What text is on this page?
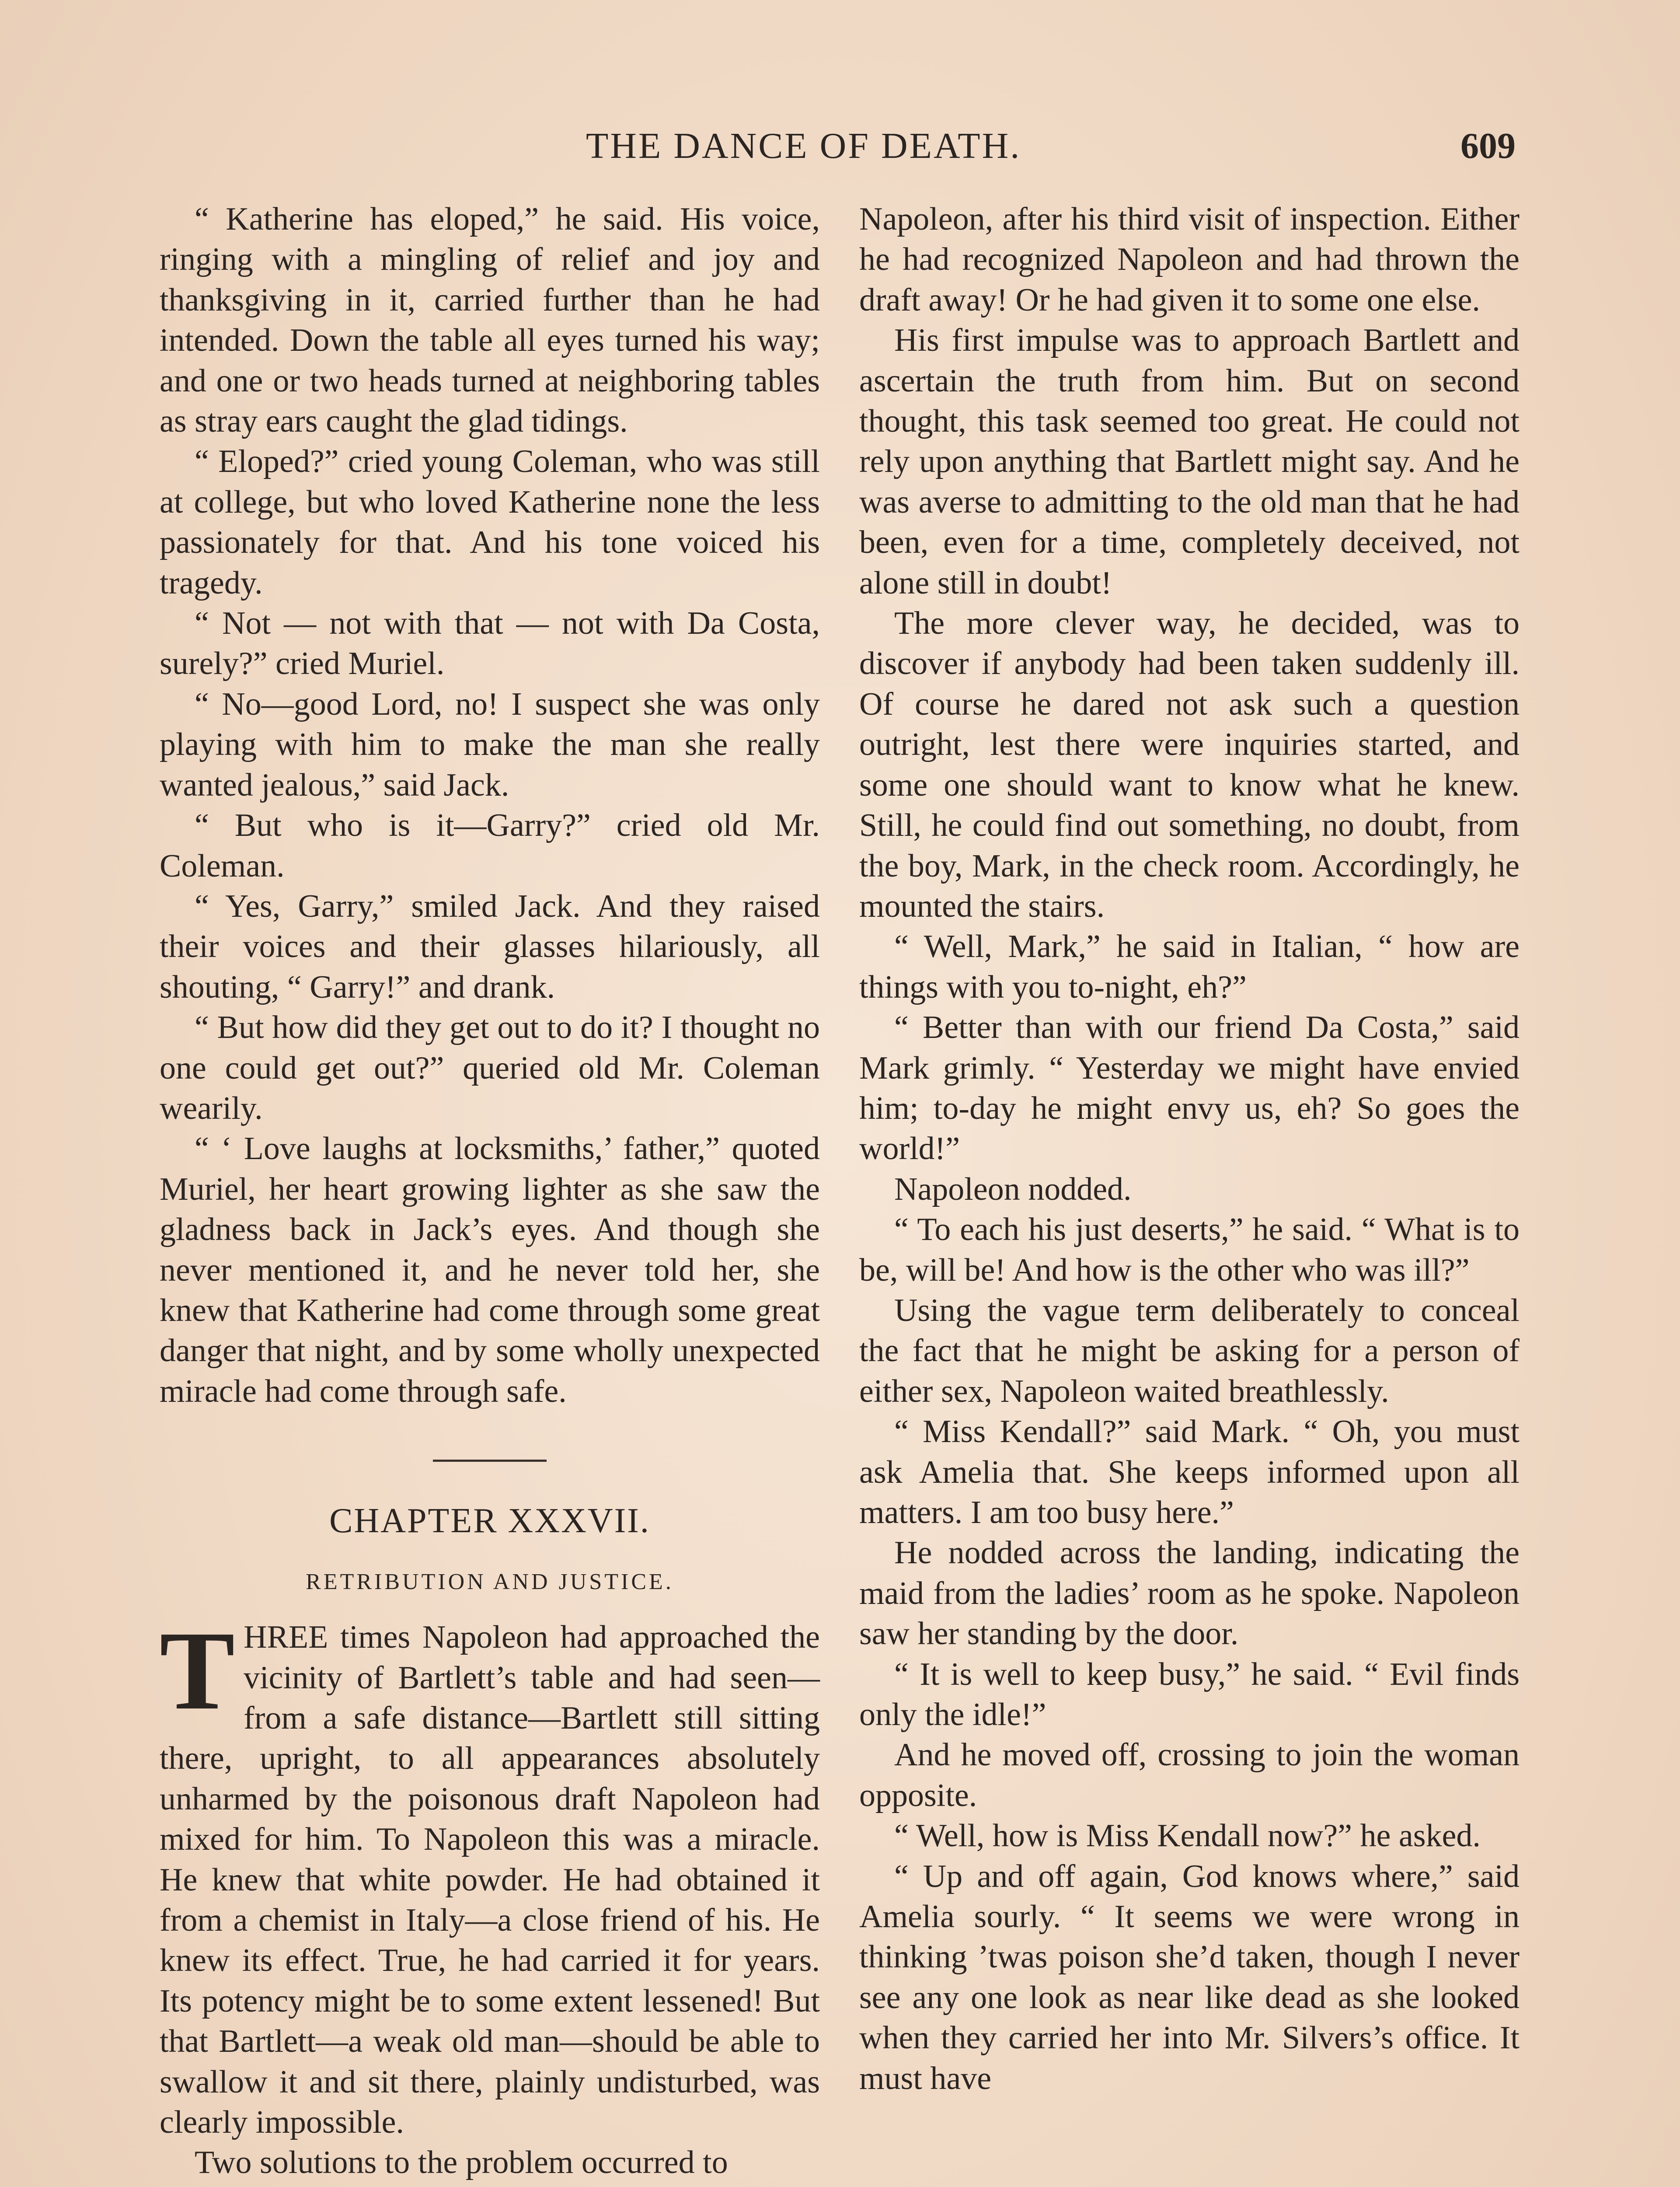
THE DANCE OF DEATH.	609

“ Katherine has eloped,” he said. His voice, ringing with a mingling of relief and joy and thanksgiving in it, carried further than he had intended. Down the table all eyes turned his way; and one or two heads turned at neighboring tables as stray ears caught the glad tidings.

“ Eloped?” cried young Coleman, who was still at college, but who loved Katherine none the less passionately for that. And his tone voiced his tragedy.

“ Not — not with that — not with Da Costa, surely?” cried Muriel.

“ No—good Lord, no! I suspect she was only playing with him to make the man she really wanted jealous,” said Jack.

“ But who is it—Garry?” cried old Mr. Coleman.

“ Yes, Garry,” smiled Jack. And they raised their voices and their glasses hilariously, all shouting, “ Garry!” and drank.

“ But how did they get out to do it? I thought no one could get out?” queried old Mr. Coleman wearily.

“ ‘ Love laughs at locksmiths,’ father,” quoted Muriel, her heart growing lighter as she saw the gladness back in Jack’s eyes. And though she never mentioned it, and he never told her, she knew that Katherine had come through some great danger that night, and by some wholly unexpected miracle had come through safe.

CHAPTER XXXVII.

RETRIBUTION AND JUSTICE.

THREE times Napoleon had approached the vicinity of Bartlett’s table and had seen—from a safe distance—Bartlett still sitting there, upright, to all appearances absolutely unharmed by the poisonous draft Napoleon had mixed for him. To Napoleon this was a miracle. He knew that white powder. He had obtained it from a chemist in Italy—a close friend of his. He knew its effect. True, he had carried it for years. Its potency might be to some extent lessened! But that Bartlett—a weak old man—should be able to swallow it and sit there, plainly undisturbed, was clearly impossible.

Two solutions to the problem occurred to

Napoleon, after his third visit of inspection. Either he had recognized Napoleon and had thrown the draft away! Or he had given it to some one else.

His first impulse was to approach Bartlett and ascertain the truth from him. But on second thought, this task seemed too great. He could not rely upon anything that Bartlett might say. And he was averse to admitting to the old man that he had been, even for a time, completely deceived, not alone still in doubt!

The more clever way, he decided, was to discover if anybody had been taken suddenly ill. Of course he dared not ask such a question outright, lest there were inquiries started, and some one should want to know what he knew. Still, he could find out something, no doubt, from the boy, Mark, in the check room. Accordingly, he mounted the stairs.

“ Well, Mark,” he said in Italian, “ how are things with you to-night, eh?”

“ Better than with our friend Da Costa,” said Mark grimly. “ Yesterday we might have envied him; to-day he might envy us, eh? So goes the world!”

Napoleon nodded.

“ To each his just deserts,” he said. “ What is to be, will be! And how is the other who was ill?”

Using the vague term deliberately to conceal the fact that he might be asking for a person of either sex, Napoleon waited breathlessly.

“ Miss Kendall?” said Mark. “ Oh, you must ask Amelia that. She keeps informed upon all matters. I am too busy here.”

He nodded across the landing, indicating the maid from the ladies’ room as he spoke. Napoleon saw her standing by the door.

“ It is well to keep busy,” he said. “ Evil finds only the idle!”

And he moved off, crossing to join the woman opposite.

“ Well, how is Miss Kendall now?” he asked.

“ Up and off again, God knows where,” said Amelia sourly. “ It seems we were wrong in thinking ’twas poison she’d taken, though I never see any one look as near like dead as she looked when they carried her into Mr. Silvers’s office. It must have
